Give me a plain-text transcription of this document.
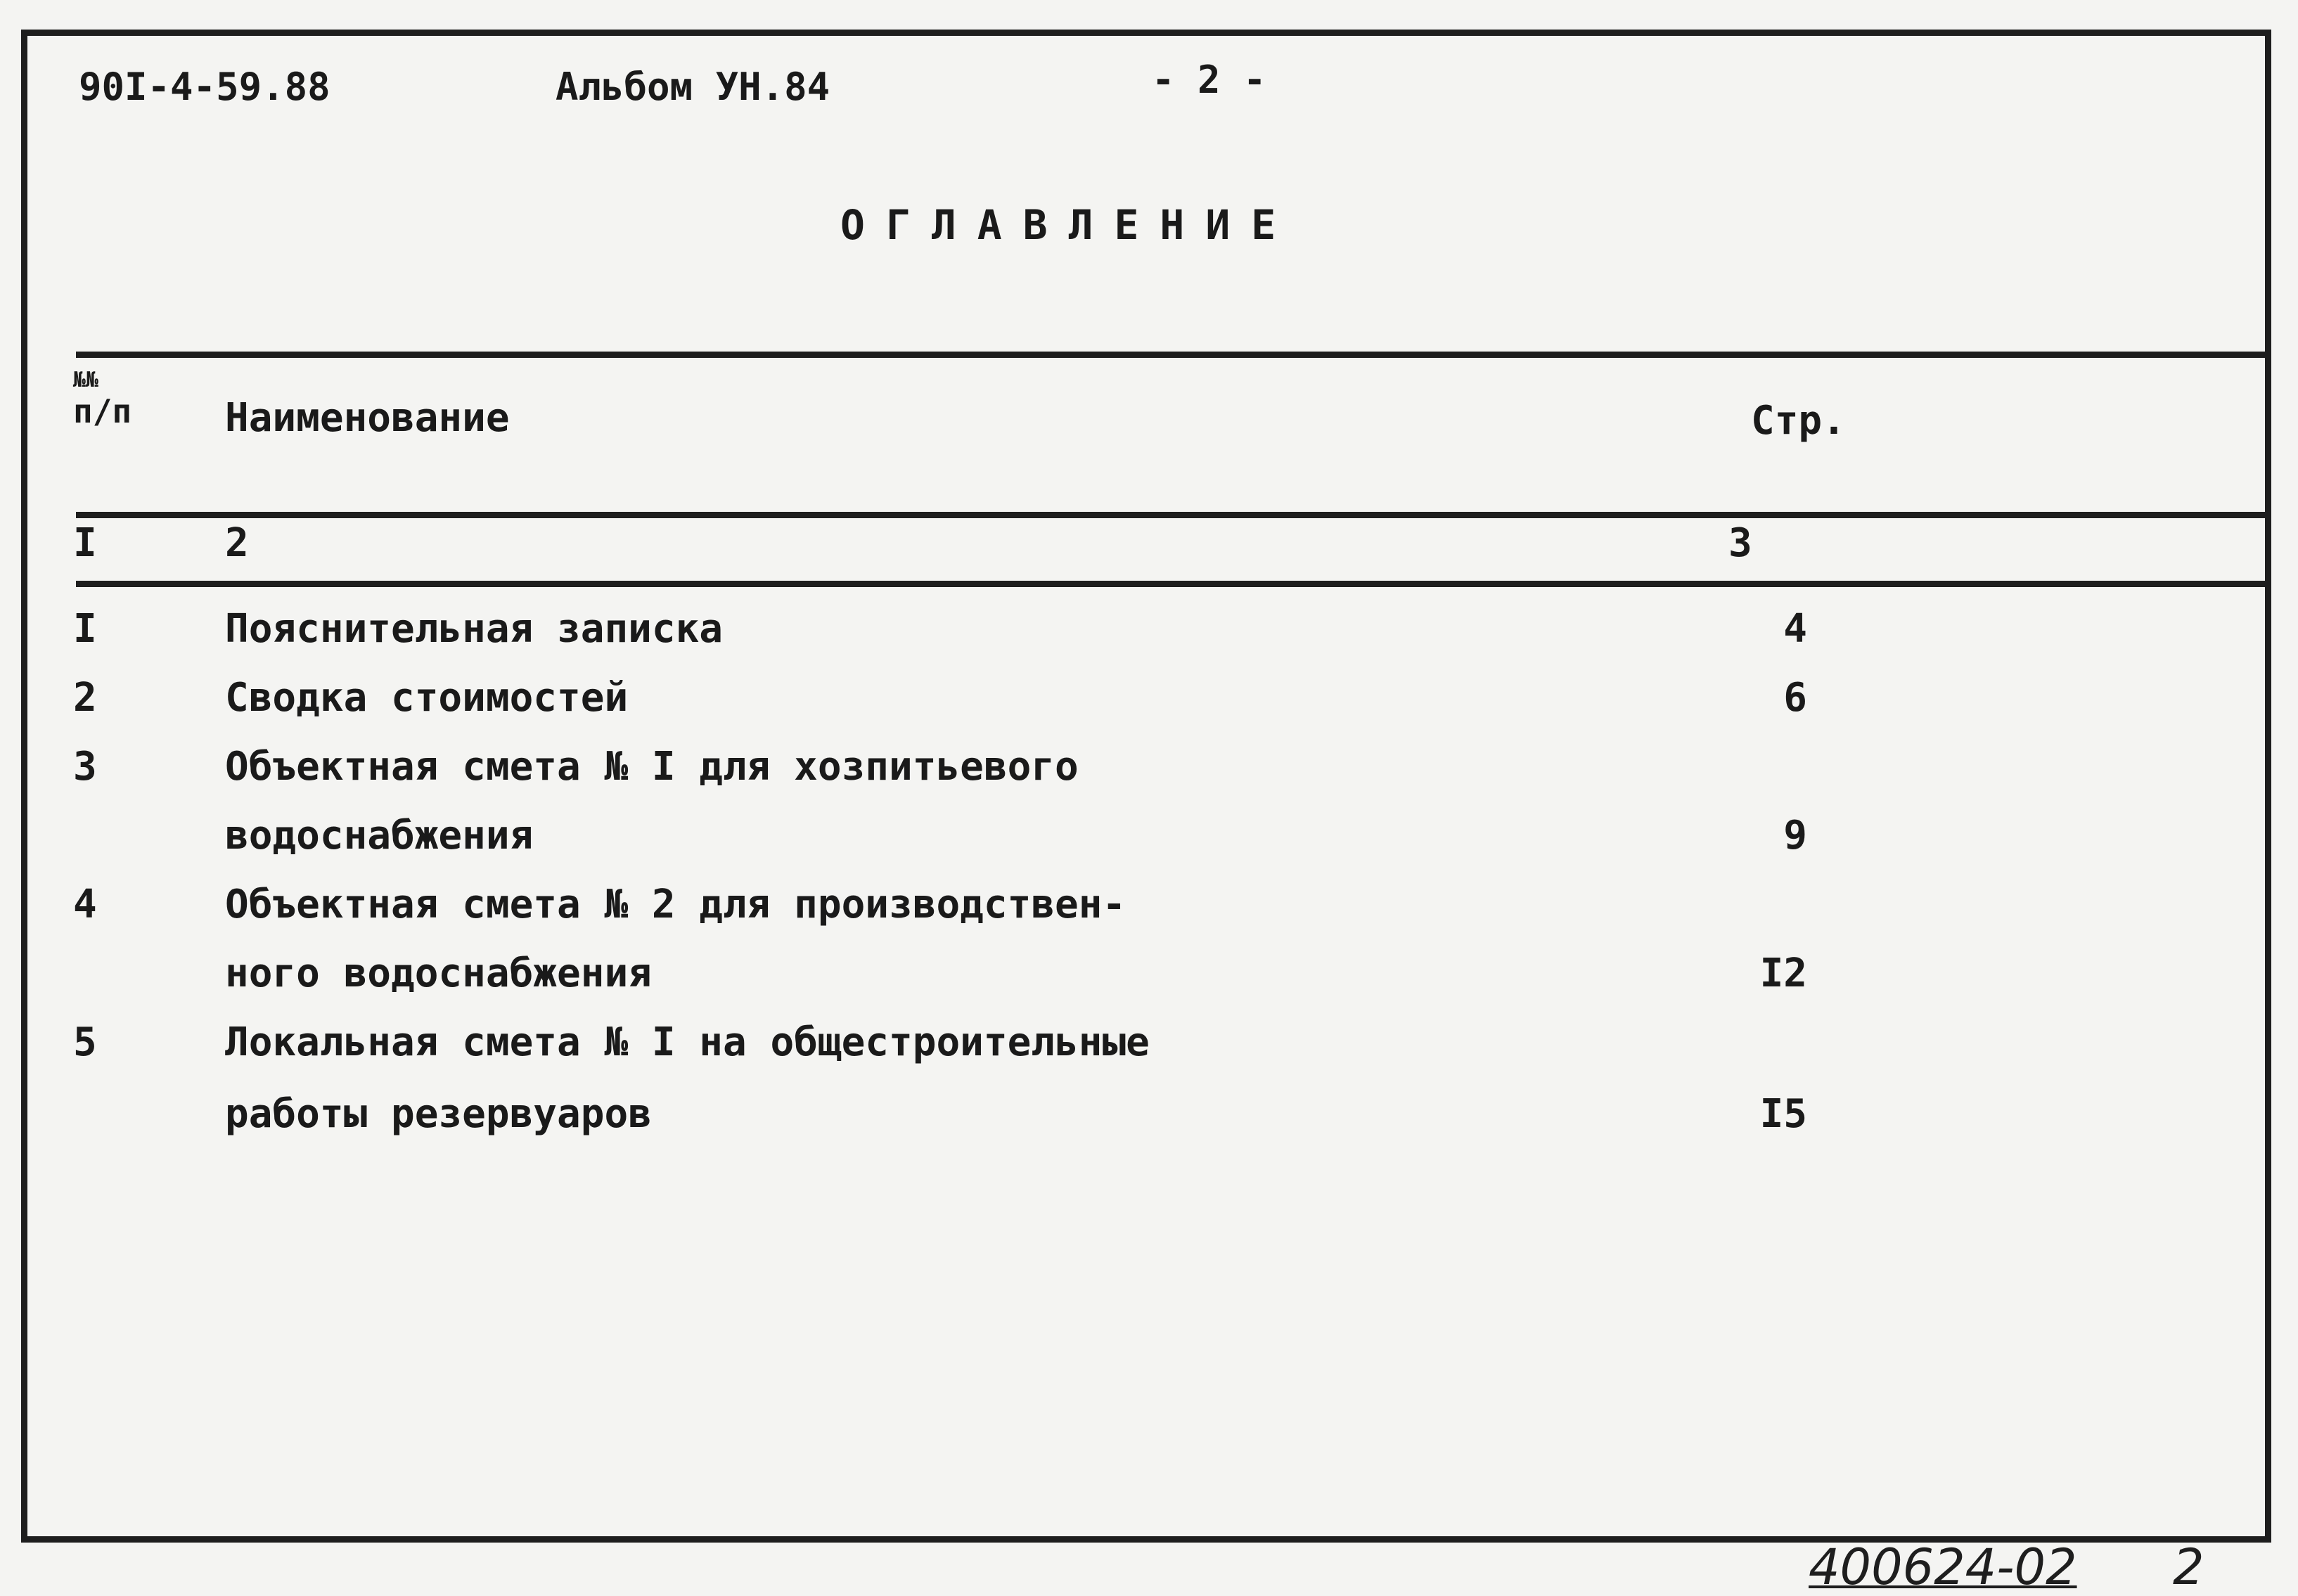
90I-4-59.88	Альбом УН.84	- 2 -
ОГЛАВЛЕНИЕ
№№
п/п Наименование	Стр.
I	2	3
I	Пояснительная записка	4
2	Сводка стоимостей	6
3	Объектная смета № I для хозпитьевого
водоснабжения	9
4	Объектная смета № 2 для производствен-
ного водоснабжения	I2
5	Локальная смета № I на общестроительные
работы резервуаров	I5
400624-02 2
